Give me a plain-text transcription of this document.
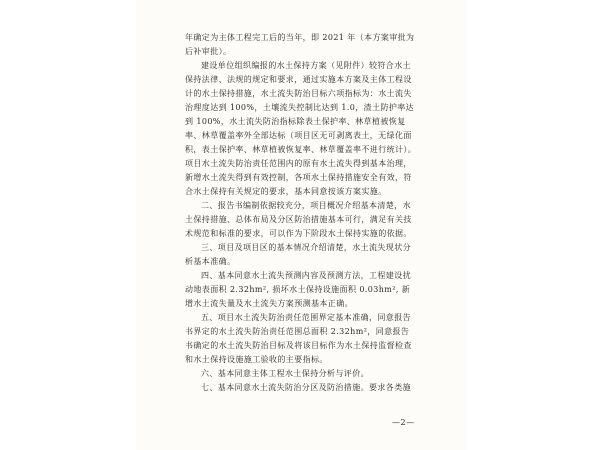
年确定为主体工程完工后的当年，即 2021 年（本方案审批为后补审批）。

建设单位组织编报的水土保持方案（见附件）较符合水土保持法律、法规的规定和要求，通过实施本方案及主体工程设计的水土保持措施，水土流失防治目标六项指标为：水土流失治理度达到 100%，土壤流失控制比达到 1.0，渣土防护率达到 100%，水土流失防治指标除表土保护率、林草植被恢复率、林草覆盖率外全部达标（项目区无可剥离表土，无绿化面积，表土保护率、林草植被恢复率、林草覆盖率不进行统计）。项目水土流失防治责任范围内的原有水土流失得到基本治理，新增水土流失得到有效控制，各项水土保持措施安全有效，符合水土保持有关规定的要求，基本同意按该方案实施。

二、报告书编制依据较充分，项目概况介绍基本清楚，水土保持措施、总体布局及分区防治措施基本可行，满足有关技术规范和标准的要求，可以作为下阶段水土保持实施的依据。

三、项目及项目区的基本情况介绍清楚，水土流失现状分析基本准确。

四、基本同意水土流失预测内容及预测方法，工程建设扰动地表面积 2.32hm², 损坏水土保持设施面积 0.03hm², 新增水土流失量及水土流失方案预测基本正确。

五、项目水土流失防治责任范围界定基本准确，同意报告书界定的水土流失防治责任范围总面积 2.32hm²，同意报告书确定的水土流失防治目标及将该目标作为水土保持监督检查和水土保持设施施工验收的主要指标。

六、基本同意主体工程水土保持分析与评价。

七、基本同意水土流失防治分区及防治措施。要求各类施

—2—
